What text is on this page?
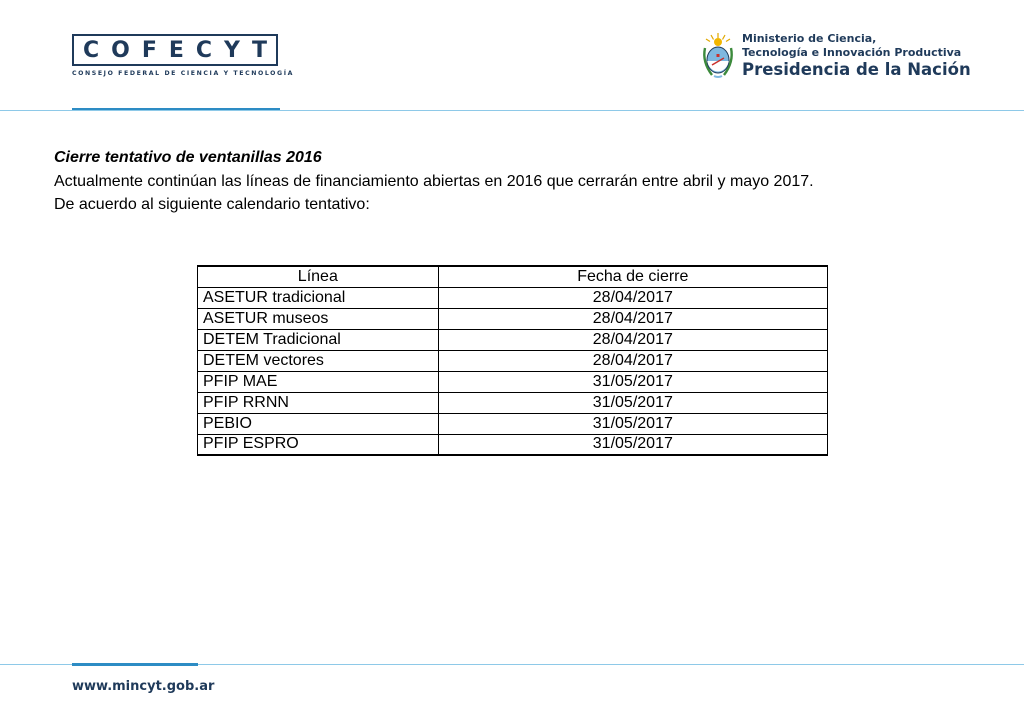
COFECYT
CONSEJO FEDERAL DE CIENCIA Y TECNOLOGÍA
Ministerio de Ciencia,
Tecnología e Innovación Productiva
Presidencia de la Nación
Cierre tentativo de ventanillas 2016
Actualmente continúan las líneas de financiamiento abiertas en 2016 que cerrarán entre abril y mayo 2017.
De acuerdo al siguiente calendario tentativo:
Línea	Fecha de cierre
ASETUR tradicional	28/04/2017
ASETUR museos	28/04/2017
DETEM Tradicional	28/04/2017
DETEM vectores	28/04/2017
PFIP MAE	31/05/2017
PFIP RRNN	31/05/2017
PEBIO	31/05/2017
PFIP ESPRO	31/05/2017
www.mincyt.gob.ar
